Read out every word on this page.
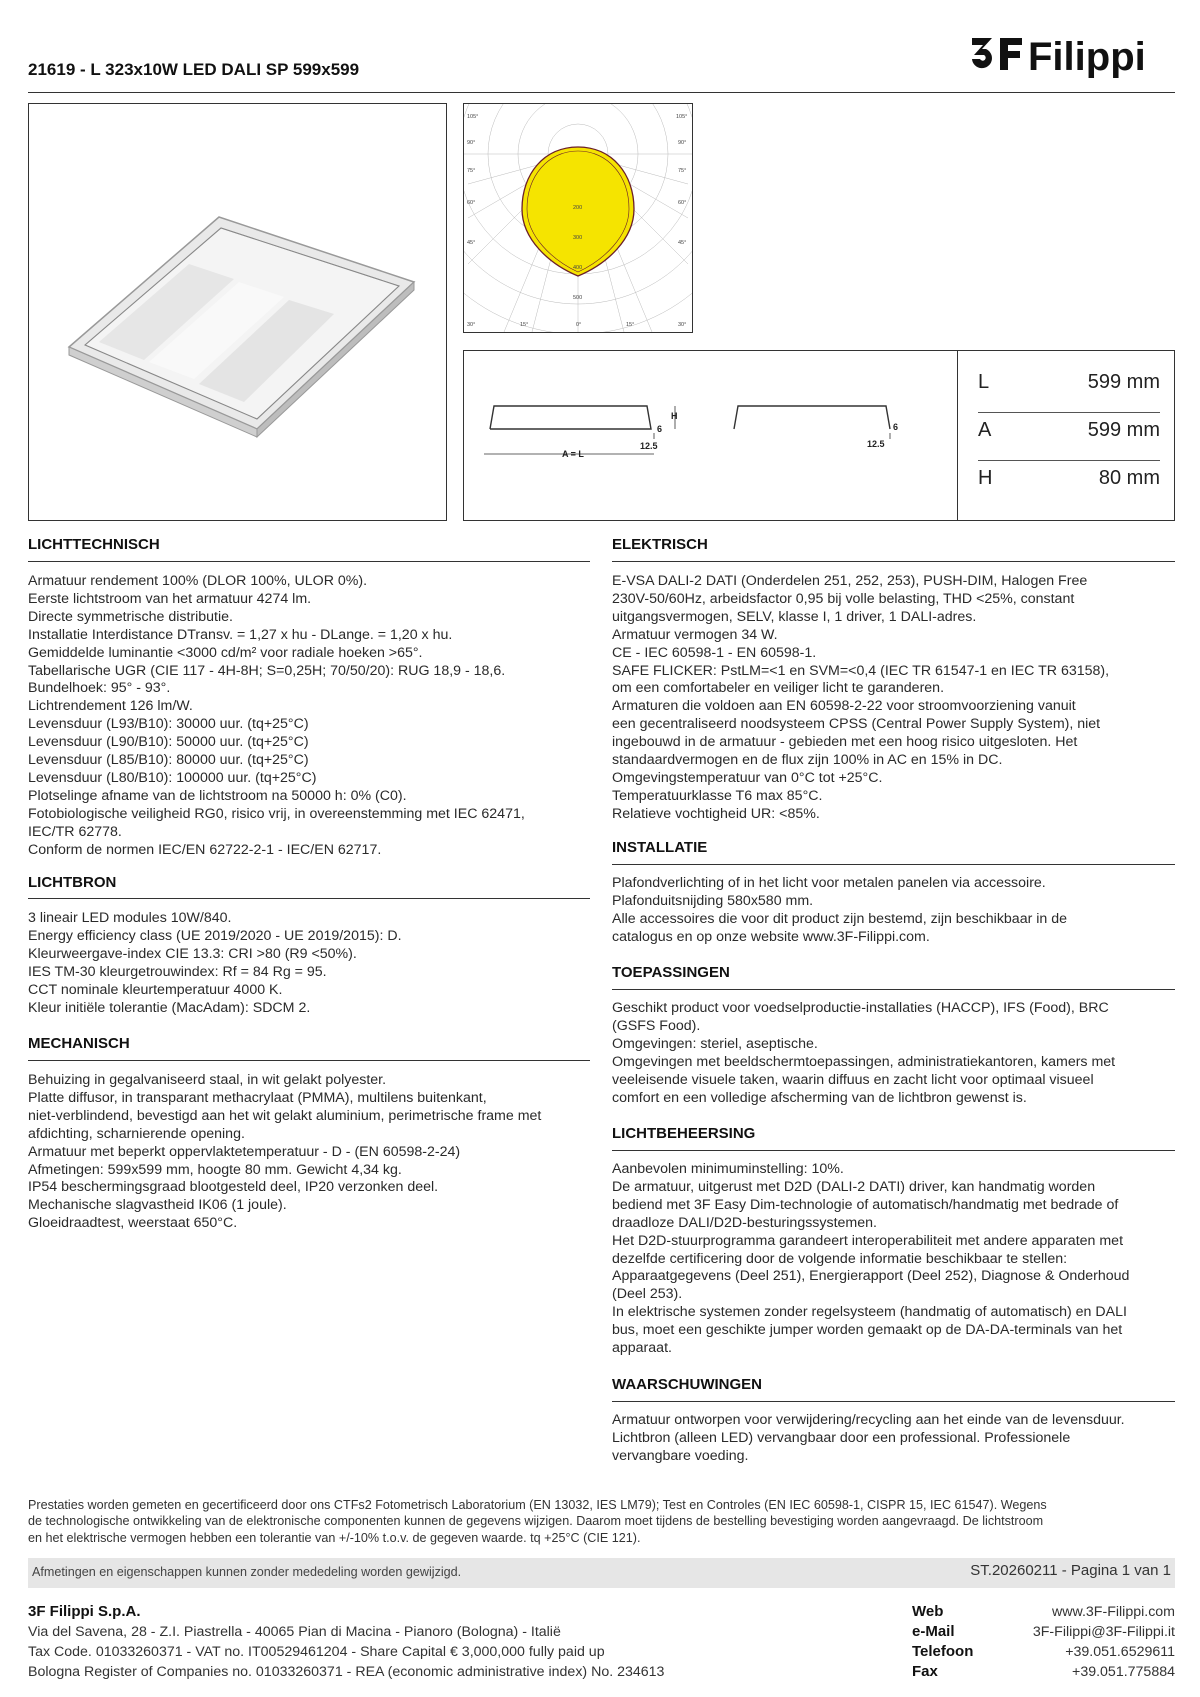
21619 - L 323x10W LED DALI SP 599x599	Filippi
105°	105°
90°	90°
75°	75°
60°	60°
45°	45°
30°	15°	0°	15°	30°
200
300
400
500
H
6	6
12.5	12.5
A = L
L	599 mm
A	599 mm
H	80 mm
LICHTTECHNISCH
Armatuur rendement 100% (DLOR 100%, ULOR 0%).
Eerste lichtstroom van het armatuur 4274 lm.
Directe symmetrische distributie.
Installatie Interdistance DTransv. = 1,27 x hu - DLange. = 1,20 x hu.
Gemiddelde luminantie <3000 cd/m² voor radiale hoeken >65°.
Tabellarische UGR (CIE 117 - 4H-8H; S=0,25H; 70/50/20): RUG 18,9 - 18,6.
Bundelhoek: 95° - 93°.
Lichtrendement 126 lm/W.
Levensduur (L93/B10): 30000 uur. (tq+25°C)
Levensduur (L90/B10): 50000 uur. (tq+25°C)
Levensduur (L85/B10): 80000 uur. (tq+25°C)
Levensduur (L80/B10): 100000 uur. (tq+25°C)
Plotselinge afname van de lichtstroom na 50000 h: 0% (C0).
Fotobiologische veiligheid RG0, risico vrij, in overeenstemming met IEC 62471,
IEC/TR 62778.
Conform de normen IEC/EN 62722-2-1 - IEC/EN 62717.
LICHTBRON
3 lineair LED modules 10W/840.
Energy efficiency class (UE 2019/2020 - UE 2019/2015): D.
Kleurweergave-index CIE 13.3: CRI >80 (R9 <50%).
IES TM-30 kleurgetrouwindex: Rf = 84 Rg = 95.
CCT nominale kleurtemperatuur 4000 K.
Kleur initiële tolerantie (MacAdam): SDCM 2.
MECHANISCH
Behuizing in gegalvaniseerd staal, in wit gelakt polyester.
Platte diffusor, in transparant methacrylaat (PMMA), multilens buitenkant,
niet-verblindend, bevestigd aan het wit gelakt aluminium, perimetrische frame met
afdichting, scharnierende opening.
Armatuur met beperkt oppervlaktetemperatuur - D - (EN 60598-2-24)
Afmetingen: 599x599 mm, hoogte 80 mm. Gewicht 4,34 kg.
IP54 beschermingsgraad blootgesteld deel, IP20 verzonken deel.
Mechanische slagvastheid IK06 (1 joule).
Gloeidraadtest, weerstaat 650°C.
ELEKTRISCH
E-VSA DALI-2 DATI (Onderdelen 251, 252, 253), PUSH-DIM, Halogen Free
230V-50/60Hz, arbeidsfactor 0,95 bij volle belasting, THD <25%, constant
uitgangsvermogen, SELV, klasse I, 1 driver, 1 DALI-adres.
Armatuur vermogen 34 W.
CE - IEC 60598-1 - EN 60598-1.
SAFE FLICKER: PstLM=<1 en SVM=<0,4 (IEC TR 61547-1 en IEC TR 63158),
om een comfortabeler en veiliger licht te garanderen.
Armaturen die voldoen aan EN 60598-2-22 voor stroomvoorziening vanuit
een gecentraliseerd noodsysteem CPSS (Central Power Supply System), niet
ingebouwd in de armatuur - gebieden met een hoog risico uitgesloten. Het
standaardvermogen en de flux zijn 100% in AC en 15% in DC.
Omgevingstemperatuur van 0°C tot +25°C.
Temperatuurklasse T6 max 85°C.
Relatieve vochtigheid UR: <85%.
INSTALLATIE
Plafondverlichting of in het licht voor metalen panelen via accessoire.
Plafonduitsnijding 580x580 mm.
Alle accessoires die voor dit product zijn bestemd, zijn beschikbaar in de
catalogus en op onze website www.3F-Filippi.com.
TOEPASSINGEN
Geschikt product voor voedselproductie-installaties (HACCP), IFS (Food), BRC
(GSFS Food).
Omgevingen: steriel, aseptische.
Omgevingen met beeldschermtoepassingen, administratiekantoren, kamers met
veeleisende visuele taken, waarin diffuus en zacht licht voor optimaal visueel
comfort en een volledige afscherming van de lichtbron gewenst is.
LICHTBEHEERSING
Aanbevolen minimuminstelling: 10%.
De armatuur, uitgerust met D2D (DALI-2 DATI) driver, kan handmatig worden
bediend met 3F Easy Dim-technologie of automatisch/handmatig met bedrade of
draadloze DALI/D2D-besturingssystemen.
Het D2D-stuurprogramma garandeert interoperabiliteit met andere apparaten met
dezelfde certificering door de volgende informatie beschikbaar te stellen:
Apparaatgegevens (Deel 251), Energierapport (Deel 252), Diagnose & Onderhoud
(Deel 253).
In elektrische systemen zonder regelsysteem (handmatig of automatisch) en DALI
bus, moet een geschikte jumper worden gemaakt op de DA-DA-terminals van het
apparaat.
WAARSCHUWINGEN
Armatuur ontworpen voor verwijdering/recycling aan het einde van de levensduur.
Lichtbron (alleen LED) vervangbaar door een professional. Professionele
vervangbare voeding.
Prestaties worden gemeten en gecertificeerd door ons CTFs2 Fotometrisch Laboratorium (EN 13032, IES LM79); Test en Controles (EN IEC 60598-1, CISPR 15, IEC 61547). Wegens
de technologische ontwikkeling van de elektronische componenten kunnen de gegevens wijzigen. Daarom moet tijdens de bestelling bevestiging worden aangevraagd. De lichtstroom
en het elektrische vermogen hebben een tolerantie van +/-10% t.o.v. de gegeven waarde. tq +25°C (CIE 121).
Afmetingen en eigenschappen kunnen zonder mededeling worden gewijzigd.	ST.20260211 - Pagina 1 van 1
3F Filippi S.p.A.
Via del Savena, 28 - Z.I. Piastrella - 40065 Pian di Macina - Pianoro (Bologna) - Italië
Tax Code. 01033260371 - VAT no. IT00529461204 - Share Capital € 3,000,000 fully paid up
Bologna Register of Companies no. 01033260371 - REA (economic administrative index) No. 234613
Web	www.3F-Filippi.com
e-Mail	3F-Filippi@3F-Filippi.it
Telefoon	+39.051.6529611
Fax	+39.051.775884
